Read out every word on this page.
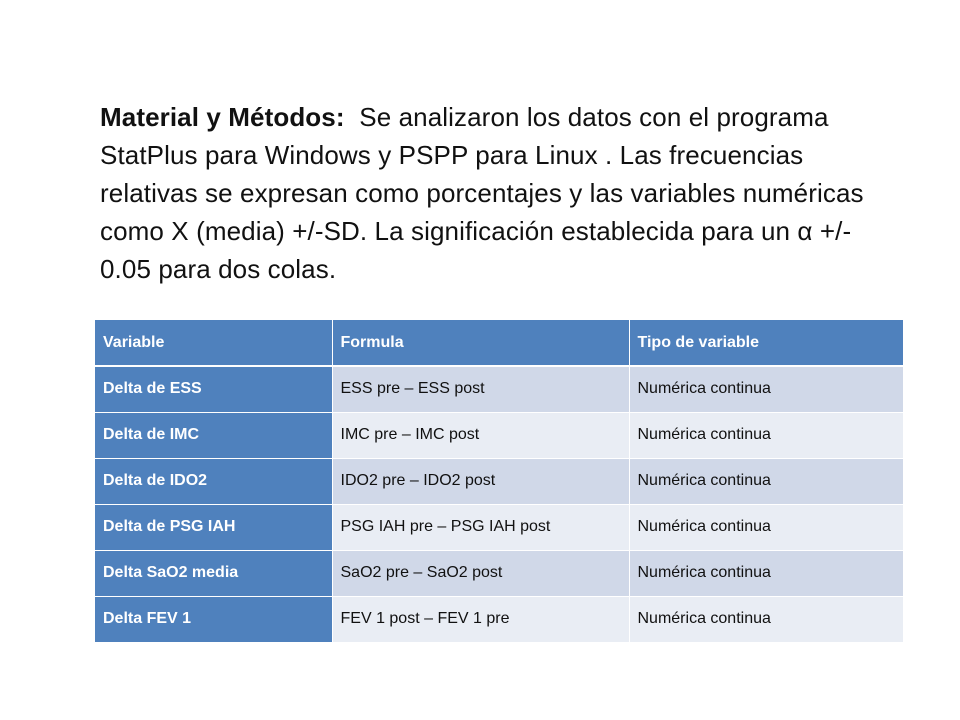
Material y Métodos: Se analizaron los datos con el programa StatPlus para Windows y PSPP para Linux . Las frecuencias relativas se expresan como porcentajes y las variables numéricas como X (media) +/-SD. La significación establecida para un α +/- 0.05 para dos colas.
Variable	Formula	Tipo de variable
Delta de ESS	ESS pre – ESS post	Numérica continua
Delta de IMC	IMC pre – IMC post	Numérica continua
Delta de IDO2	IDO2 pre – IDO2 post	Numérica continua
Delta de PSG IAH	PSG IAH pre – PSG IAH post	Numérica continua
Delta SaO2 media	SaO2 pre – SaO2 post	Numérica continua
Delta FEV 1	FEV 1 post – FEV 1 pre	Numérica continua
